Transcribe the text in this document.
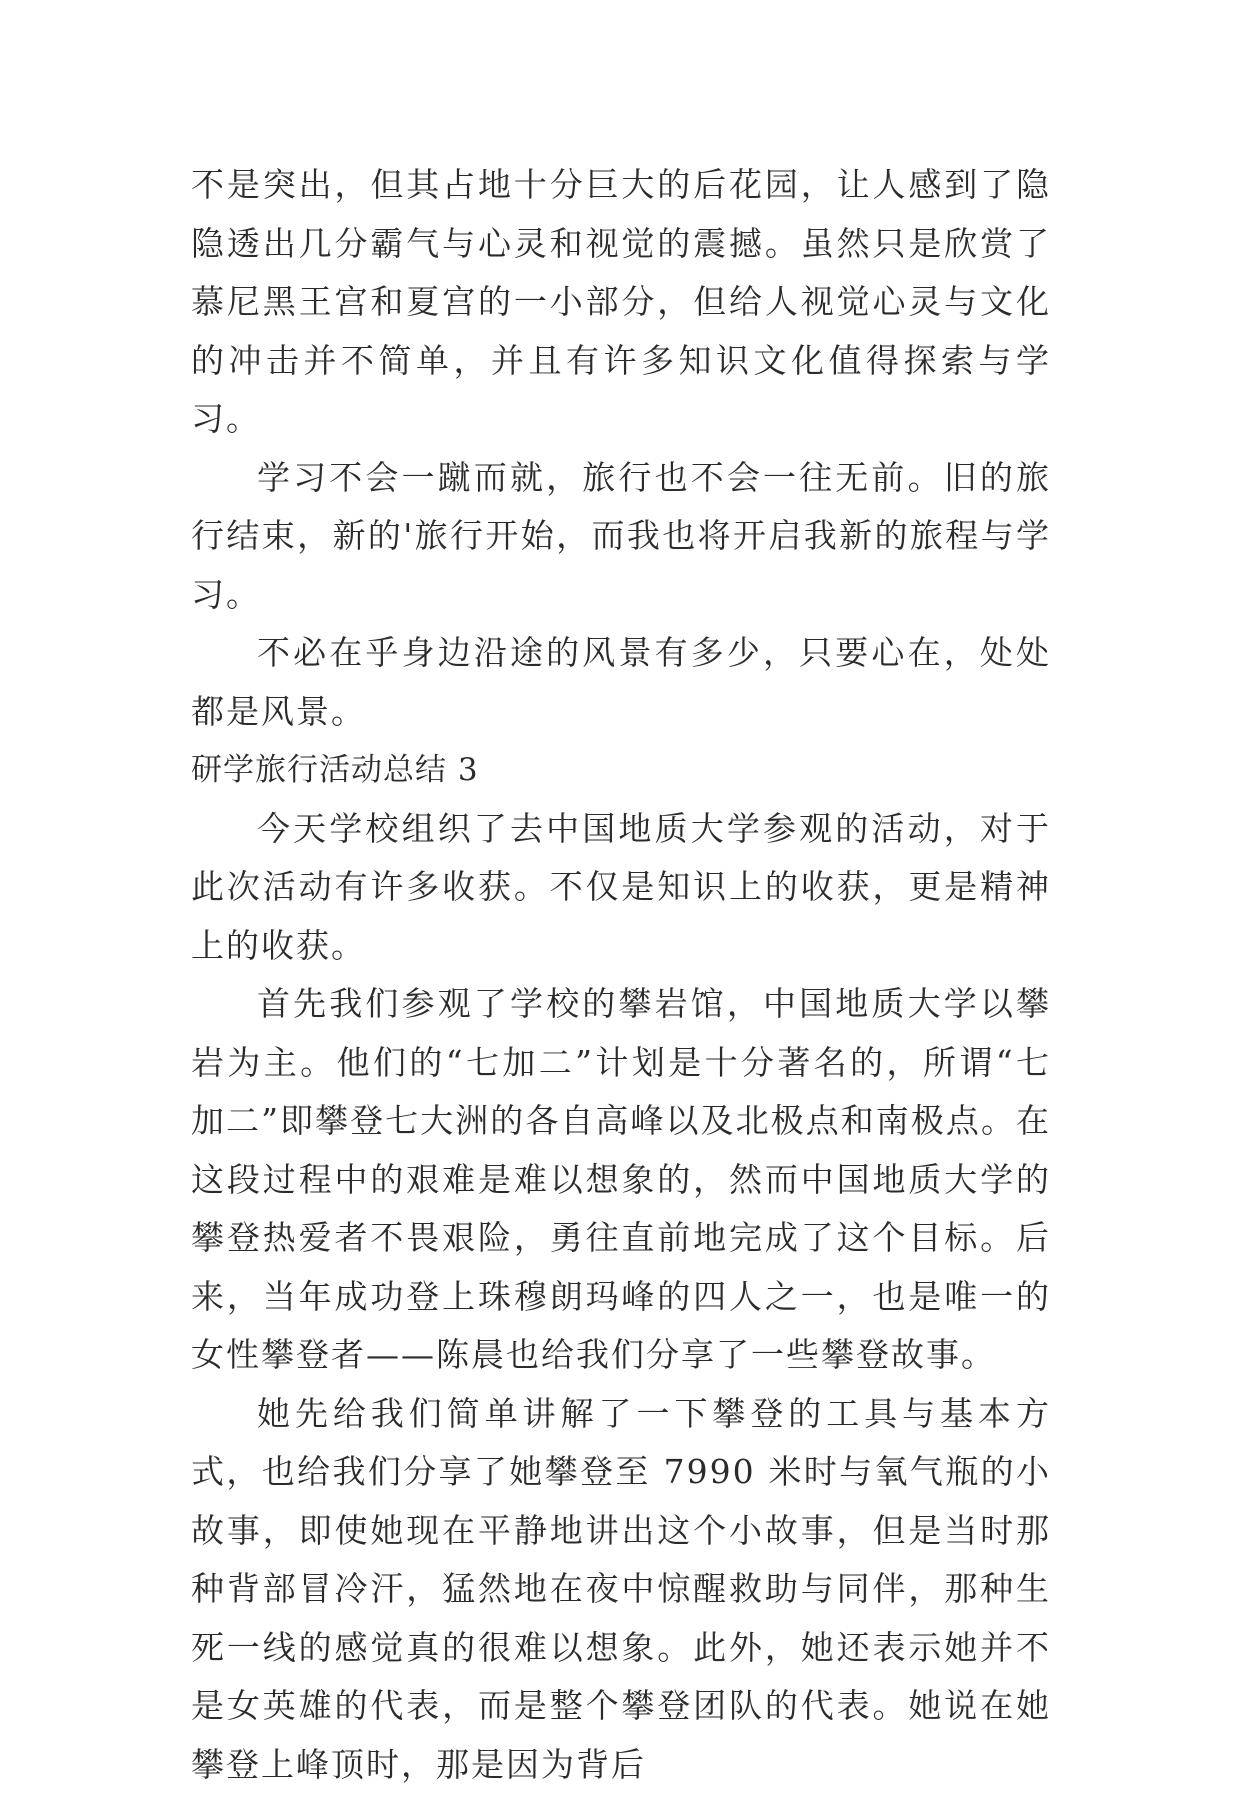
不是突出，但其占地十分巨大的后花园，让人感到了隐隐透出几分霸气与心灵和视觉的震撼。虽然只是欣赏了慕尼黑王宫和夏宫的一小部分，但给人视觉心灵与文化的冲击并不简单，并且有许多知识文化值得探索与学习。

学习不会一蹴而就，旅行也不会一往无前。旧的旅行结束，新的'旅行开始，而我也将开启我新的旅程与学习。

不必在乎身边沿途的风景有多少，只要心在，处处都是风景。

研学旅行活动总结 3

今天学校组织了去中国地质大学参观的活动，对于此次活动有许多收获。不仅是知识上的收获，更是精神上的收获。

首先我们参观了学校的攀岩馆，中国地质大学以攀岩为主。他们的“七加二”计划是十分著名的，所谓“七加二”即攀登七大洲的各自高峰以及北极点和南极点。在这段过程中的艰难是难以想象的，然而中国地质大学的攀登热爱者不畏艰险，勇往直前地完成了这个目标。后来，当年成功登上珠穆朗玛峰的四人之一，也是唯一的女性攀登者——陈晨也给我们分享了一些攀登故事。

她先给我们简单讲解了一下攀登的工具与基本方式，也给我们分享了她攀登至 7990 米时与氧气瓶的小故事，即使她现在平静地讲出这个小故事，但是当时那种背部冒冷汗，猛然地在夜中惊醒救助与同伴，那种生死一线的感觉真的很难以想象。此外，她还表示她并不是女英雄的代表，而是整个攀登团队的代表。她说在她攀登上峰顶时，那是因为背后
